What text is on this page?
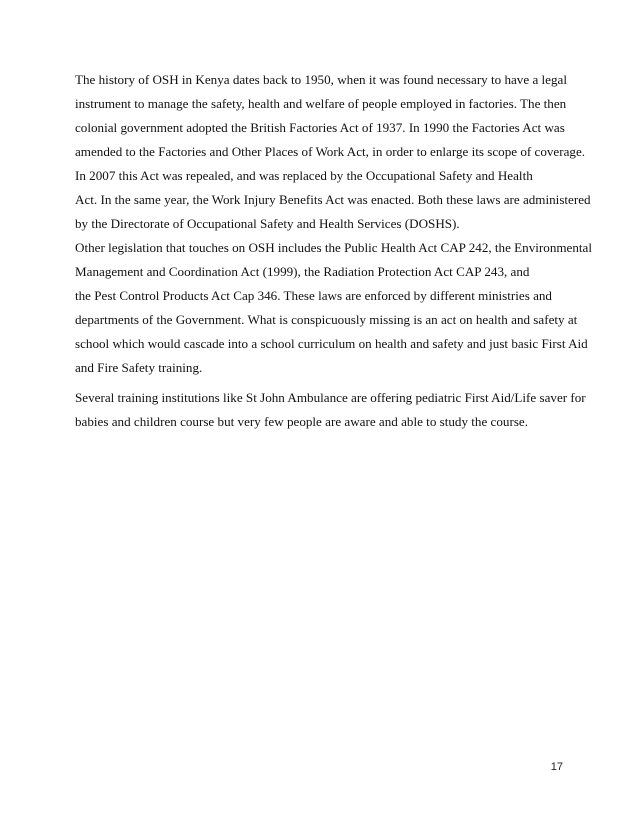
The history of OSH in Kenya dates back to 1950, when it was found necessary to have a legal
instrument to manage the safety, health and welfare of people employed in factories. The then
colonial government adopted the British Factories Act of 1937. In 1990 the Factories Act was
amended to the Factories and Other Places of Work Act, in order to enlarge its scope of coverage.
In 2007 this Act was repealed, and was replaced by the Occupational Safety and Health
Act. In the same year, the Work Injury Benefits Act was enacted. Both these laws are administered
by the Directorate of Occupational Safety and Health Services (DOSHS).
Other legislation that touches on OSH includes the Public Health Act CAP 242, the Environmental
Management and Coordination Act (1999), the Radiation Protection Act CAP 243, and
the Pest Control Products Act Cap 346. These laws are enforced by different ministries and
departments of the Government. What is conspicuously missing is an act on health and safety at
school which would cascade into a school curriculum on health and safety and just basic First Aid
and Fire Safety training.
Several training institutions like St John Ambulance are offering pediatric First Aid/Life saver for
babies and children course but very few people are aware and able to study the course.
17
